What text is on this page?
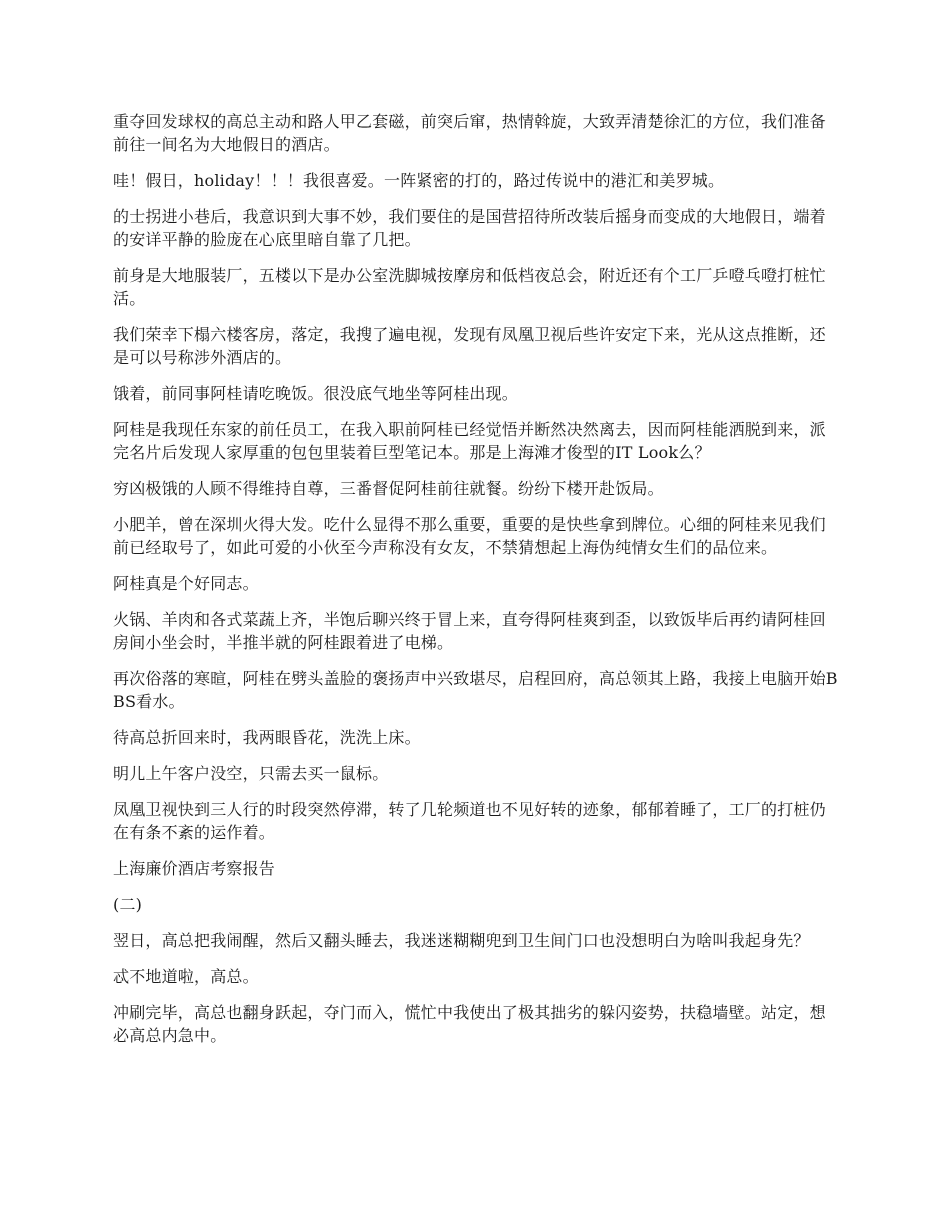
重夺回发球权的高总主动和路人甲乙套磁，前突后窜，热情斡旋，大致弄清楚徐汇的方位，我们准备前往一间名为大地假日的酒店。

哇！假日，holiday！！！我很喜爱。一阵紧密的打的，路过传说中的港汇和美罗城。

的士拐进小巷后，我意识到大事不妙，我们要住的是国营招待所改装后摇身而变成的大地假日，端着的安详平静的脸庞在心底里暗自靠了几把。

前身是大地服装厂，五楼以下是办公室洗脚城按摩房和低档夜总会，附近还有个工厂乒噔乓噔打桩忙活。

我们荣幸下榻六楼客房，落定，我搜了遍电视，发现有凤凰卫视后些许安定下来，光从这点推断，还是可以号称涉外酒店的。

饿着，前同事阿桂请吃晚饭。很没底气地坐等阿桂出现。

阿桂是我现任东家的前任员工，在我入职前阿桂已经觉悟并断然决然离去，因而阿桂能洒脱到来，派完名片后发现人家厚重的包包里装着巨型笔记本。那是上海滩才俊型的IT Look么？

穷凶极饿的人顾不得维持自尊，三番督促阿桂前往就餐。纷纷下楼开赴饭局。

小肥羊，曾在深圳火得大发。吃什么显得不那么重要，重要的是快些拿到牌位。心细的阿桂来见我们前已经取号了，如此可爱的小伙至今声称没有女友，不禁猜想起上海伪纯情女生们的品位来。

阿桂真是个好同志。

火锅、羊肉和各式菜蔬上齐，半饱后聊兴终于冒上来，直夸得阿桂爽到歪，以致饭毕后再约请阿桂回房间小坐会时，半推半就的阿桂跟着进了电梯。

再次俗落的寒暄，阿桂在劈头盖脸的褒扬声中兴致堪尽，启程回府，高总领其上路，我接上电脑开始BBS看水。

待高总折回来时，我两眼昏花，洗洗上床。

明儿上午客户没空，只需去买一鼠标。

凤凰卫视快到三人行的时段突然停滞，转了几轮频道也不见好转的迹象，郁郁着睡了，工厂的打桩仍在有条不紊的运作着。

上海廉价酒店考察报告

(二)

翌日，高总把我闹醒，然后又翻头睡去，我迷迷糊糊兜到卫生间门口也没想明白为啥叫我起身先？

忒不地道啦，高总。

冲刷完毕，高总也翻身跃起，夺门而入，慌忙中我使出了极其拙劣的躲闪姿势，扶稳墙壁。站定，想必高总内急中。
